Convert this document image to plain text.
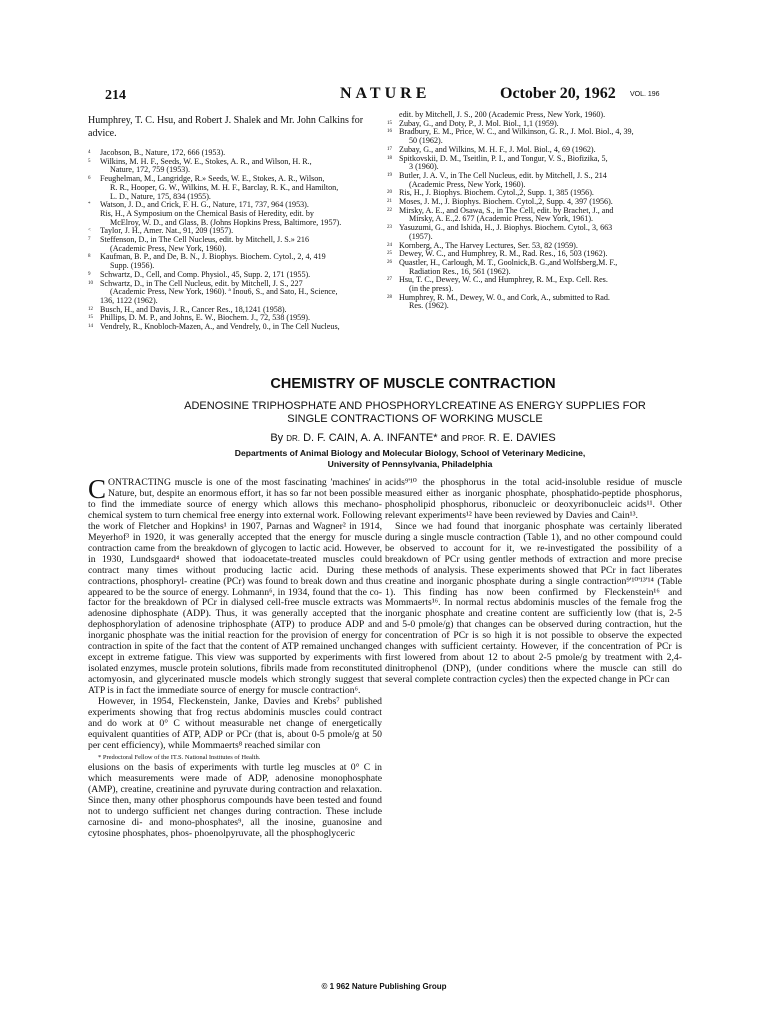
214	NATURE	October 20, 1962 VOL. 196
Humphrey, T. C. Hsu, and Robert J. Shalek and Mr. John Calkins for advice.
4	Jacobson, B., Nature, 172, 666 (1953).
5	Wilkins, M. H. F., Seeds, W. E., Stokes, A. R., and Wilson, H. R.,
Nature, 172, 759 (1953).
6	Feughelman, M., Langridge, R.» Seeds, W. E., Stokes, A. R., Wilson,
R. R., Hooper, G. W., Wilkins, M. H. F., Barclay, R. K., and Hamilton,
L. D., Nature, 175, 834 (1955).
*	Watson, J. D., and Crick, F. H. G., Nature, 171, 737, 964 (1953).
Ris, H., A Symposium on the Chemical Basis of Heredity, edit. by
McElroy, W. D., and Glass, B. (Johns Hopkins Press, Baltimore, 1957).
<	Taylor, J. H., Amer. Nat., 91, 209 (1957).
7	Steffenson, D., in The Cell Nucleus, edit. by Mitchell, J. S.» 216
(Academic Press, New York, 1960).
8	Kaufman, B. P., and De, B. N., J. Biophys. Biochem. Cytol., 2, 4, 419
Supp. (1956).
9	Schwartz, D., Cell, and Comp. Physiol., 45, Supp. 2, 171 (1955).
10 Schwartz, D., in The Cell Nucleus, edit. by Mitchell, J. S., 227
(Academic Press, New York, 1960). ª Inou6, S., and Sato, H., Science,
136, 1122 (1962).
12 Busch, H., and Davis, J. R., Cancer Res., 18,1241 (1958).
15 Phillips, D. M. P., and Johns, E. W., Biochem. J., 72, 538 (1959).
14 Vendrely, R., Knobloch-Mazen, A., and Vendrely, 0., in The Cell Nucleus,
edit. by Mitchell, J. S., 200 (Academic Press, New York, 1960).
15 Zubay, G., and Doty, P., J. Mol. Biol., 1,1 (1959).
16 Bradbury, E. M., Price, W. C., and Wilkinson, G. R., J. Mol. Biol., 4, 39,
50 (1962).
17 Zubay, G., and Wilkins, M. H. F., J. Mol. Biol., 4, 69 (1962).
18 Spitkovskii, D. M., Tseitlin, P. I., and Tongur, V. S., Biofizika, 5,
3 (1960).
19 Butler, J. A. V., in The Cell Nucleus, edit. by Mitchell, J. S., 214
(Academic Press, New York, 1960).
20 Ris, H., J. Biophys. Biochem. Cytol.,2, Supp. 1, 385 (1956).
21 Moses, J. M., J. Biophys. Biochem. Cytol.,2, Supp. 4, 397 (1956).
22 Mirsky, A. E., and Osawa, S., in The Cell, edit. by Brachet, J., and
Mirsky, A. E.,2. 677 (Academic Press, New York, 1961).
23 Yasuzumi, G., and Ishida, H., J. Biophys. Biochem. Cytol., 3, 663
(1957).
24 Kornberg, A., The Harvey Lectures, Ser. 53, 82 (1959).
25 Dewey, W. C., and Humphrey, R. M., Rad. Res., 16, 503 (1962).
26 Quastler, H., Carlough, M. T., Goolnick,B. G.,and Wolfsberg,M. F.,
Radiation Res., 16, 561 (1962).
27 Hsu, T. C., Dewey, W. C., and Humphrey, R. M., Exp. Cell. Res.
(in the press).
28 Humphrey, R. M., Dewey, W. 0., and Cork, A., submitted to Rad.
Res. (1962).
CHEMISTRY OF MUSCLE CONTRACTION
ADENOSINE TRIPHOSPHATE AND PHOSPHORYLCREATINE AS ENERGY SUPPLIES FOR
SINGLE CONTRACTIONS OF WORKING MUSCLE
By DR. D. F. CAIN, A. A. INFANTE* and PROF. R. E. DAVIES
Departments of Animal Biology and Molecular Biology, School of Veterinary Medicine,
University of Pennsylvania, Philadelphia

CONTRACTING muscle is one of the most fascinating 'machines' in Nature, but, despite an enormous effort, it has so far not been possible to find the immediate source of energy which allows this mechano-chemical system to turn chemical free energy into external work. Following the work of Fletcher and Hopkins¹ in 1907, Parnas and Wagner² in 1914, Meyerhof³ in 1920, it was generally accepted that the energy for muscle contraction came from the breakdown of glycogen to lactic acid. However, in 1930, Lundsgaard⁴ showed that iodoacetate-treated muscles could contract many times without producing lactic acid. During these contractions, phosphoryl- creatine (PCr) was found to break down and thus appeared to be the source of energy. Lohmann⁶, in 1934, found that the co-factor for the breakdown of PCr in dialysed cell-free muscle extracts was adenosine diphosphate (ADP). Thus, it was generally accepted that the dephosphorylation of adenosine triphosphate (ATP) to produce ADP and inorganic phosphate was the initial reaction for the provision of energy for contraction in spite of the fact that the content of ATP remained unchanged except in extreme fatigue. This view was supported by experiments with isolated enzymes, muscle protein solutions, fibrils made from reconstituted actomyosin, and glycerinated muscle models which strongly suggest that ATP is in fact the immediate source of energy for muscle contraction⁶.

However, in 1954, Fleckenstein, Janke, Davies and Krebs⁷ published experiments showing that frog rectus abdominis muscles could contract and do work at 0° C without measurable net change of energetically equivalent quantities of ATP, ADP or PCr (that is, about 0-5 pmole/g at 50 per cent efficiency), while Mommaerts⁸ reached similar con
* Predoctoral Fellow of the IT.S. National Institutes of Health.

elusions on the basis of experiments with turtle leg muscles at 0° C in which measurements were made of ADP, adenosine monophosphate (AMP), creatine, creatinine and pyruvate during contraction and relaxation. Since then, many other phosphorus compounds have been tested and found not to undergo sufficient net changes during contraction. These include carnosine di- and mono-phosphates⁹, all the inosine, guanosine and cytosine phosphates, phos- phoenolpyruvate, all the phosphoglyceric

acids⁹'¹⁰ the phosphorus in the total acid-insoluble residue of muscle measured either as inorganic phosphate, phosphatido-peptide phosphorus, phospholipid phosphorus, ribonucleic or deoxyribonucleic acids¹¹. Other relevant experiments¹² have been reviewed by Davies and Cain¹³.

Since we had found that inorganic phosphate was certainly liberated during a single muscle contraction (Table 1), and no other compound could be observed to account for it, we re-investigated the possibility of a breakdown of PCr using gentler methods of extraction and more precise methods of analysis. These experiments showed that PCr in fact liberates creatine and inorganic phosphate during a single contraction⁹'¹⁰'¹³'¹⁴ (Table 1). This finding has now been confirmed by Fleckenstein¹⁶ and Mommaerts¹⁶. In normal rectus abdominis muscles of the female frog the inorganic phosphate and creatine content are sufficiently low (that is, 2-5 and 5-0 pmole/g) that changes can be observed during contraction, hut the concentration of PCr is so high it is not possible to observe the expected changes with sufficient certainty. However, if the concentration of PCr is first lowered from about 12 to about 2-5 pmole/g by treatment with 2,4-dinitrophenol (DNP), (under conditions where the muscle can still do several complete contraction cycles) then the expected change in PCr can

© 1 962 Nature Publishing Group
